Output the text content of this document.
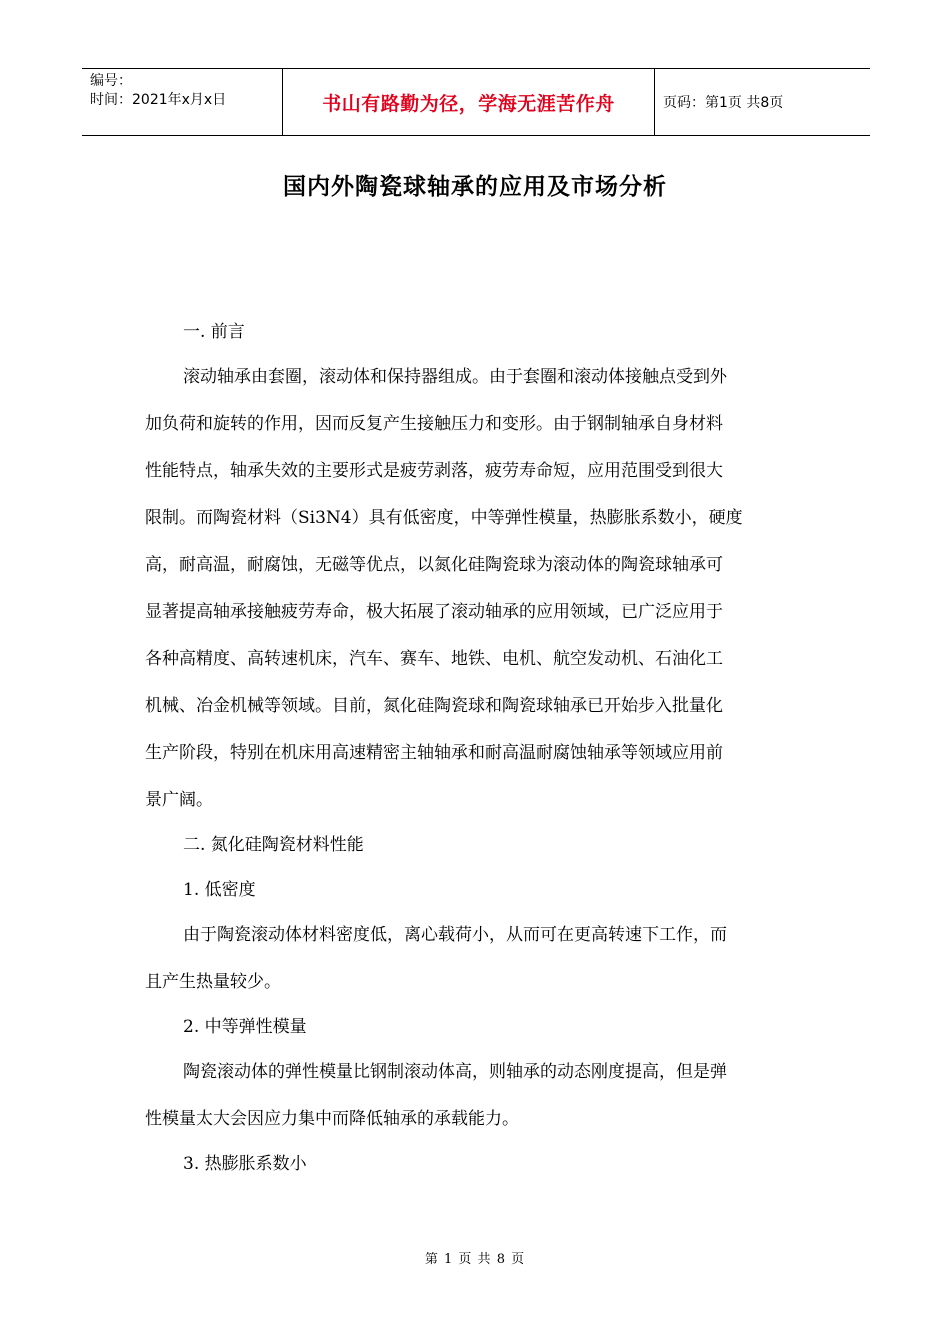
编号：
时间：2021年x月x日	书山有路勤为径，学海无涯苦作舟	页码：第1页 共8页
国内外陶瓷球轴承的应用及市场分析
一. 前言
滚动轴承由套圈，滚动体和保持器组成。由于套圈和滚动体接触点受到外
加负荷和旋转的作用，因而反复产生接触压力和变形。由于钢制轴承自身材料
性能特点，轴承失效的主要形式是疲劳剥落，疲劳寿命短，应用范围受到很大
限制。而陶瓷材料（Si3N4）具有低密度，中等弹性模量，热膨胀系数小，硬度
高，耐高温，耐腐蚀，无磁等优点，以氮化硅陶瓷球为滚动体的陶瓷球轴承可
显著提高轴承接触疲劳寿命，极大拓展了滚动轴承的应用领域，已广泛应用于
各种高精度、高转速机床，汽车、赛车、地铁、电机、航空发动机、石油化工
机械、冶金机械等领域。目前，氮化硅陶瓷球和陶瓷球轴承已开始步入批量化
生产阶段，特别在机床用高速精密主轴轴承和耐高温耐腐蚀轴承等领域应用前
景广阔。
二. 氮化硅陶瓷材料性能
1. 低密度
由于陶瓷滚动体材料密度低，离心载荷小，从而可在更高转速下工作，而
且产生热量较少。
2. 中等弹性模量
陶瓷滚动体的弹性模量比钢制滚动体高，则轴承的动态刚度提高，但是弹
性模量太大会因应力集中而降低轴承的承载能力。
3. 热膨胀系数小
第 1 页 共 8 页
